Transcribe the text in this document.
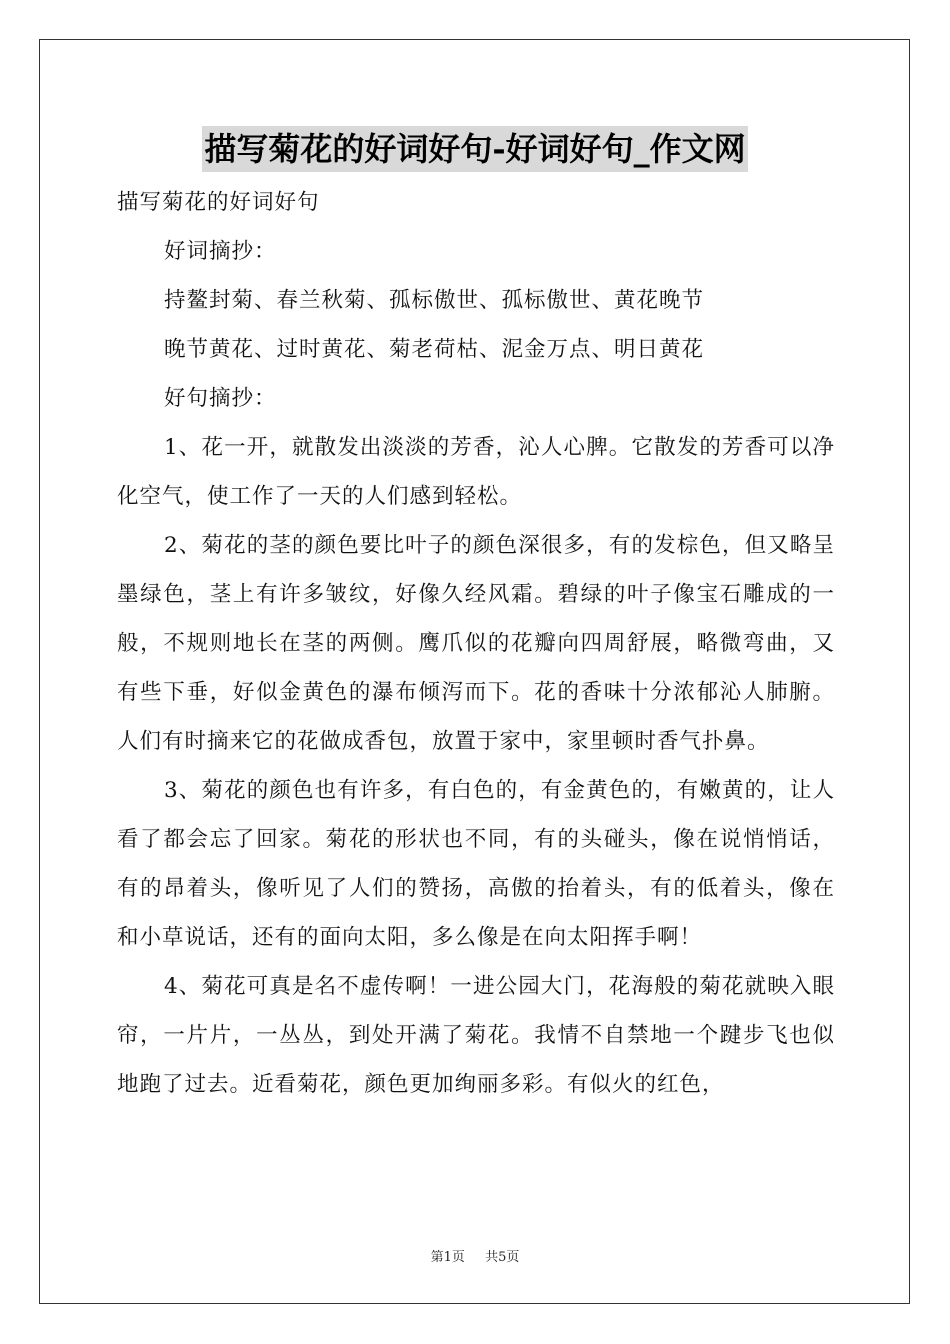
描写菊花的好词好句-好词好句_作文网

描写菊花的好词好句

好词摘抄：

持鳌封菊、春兰秋菊、孤标傲世、孤标傲世、黄花晚节

晚节黄花、过时黄花、菊老荷枯、泥金万点、明日黄花

好句摘抄：

1、花一开，就散发出淡淡的芳香，沁人心脾。它散发的芳香可以净化空气，使工作了一天的人们感到轻松。

2、菊花的茎的颜色要比叶子的颜色深很多，有的发棕色，但又略呈墨绿色，茎上有许多皱纹，好像久经风霜。碧绿的叶子像宝石雕成的一般，不规则地长在茎的两侧。鹰爪似的花瓣向四周舒展，略微弯曲，又有些下垂，好似金黄色的瀑布倾泻而下。花的香味十分浓郁沁人肺腑。人们有时摘来它的花做成香包，放置于家中，家里顿时香气扑鼻。

3、菊花的颜色也有许多，有白色的，有金黄色的，有嫩黄的，让人看了都会忘了回家。菊花的形状也不同，有的头碰头，像在说悄悄话，有的昂着头，像听见了人们的赞扬，高傲的抬着头，有的低着头，像在和小草说话，还有的面向太阳，多么像是在向太阳挥手啊！

4、菊花可真是名不虚传啊！一进公园大门，花海般的菊花就映入眼帘，一片片，一丛丛，到处开满了菊花。我情不自禁地一个踺步飞也似地跑了过去。近看菊花，颜色更加绚丽多彩。有似火的红色，

第1页 共5页
